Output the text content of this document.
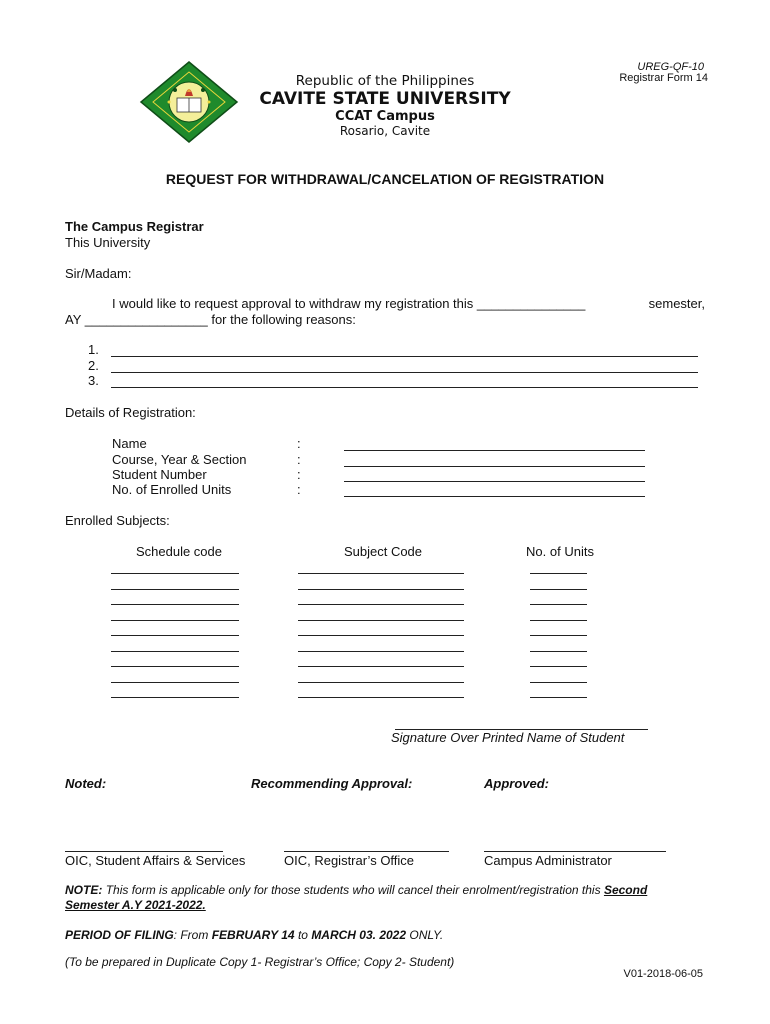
UREG-QF-10
Registrar Form 14
Republic of the Philippines
CAVITE STATE UNIVERSITY
CCAT Campus
Rosario, Cavite
REQUEST FOR WITHDRAWAL/CANCELATION OF REGISTRATION
The Campus Registrar
This University
Sir/Madam:
I would like to request approval to withdraw my registration this _______________	semester,
AY _________________ for the following reasons:
1.
2.
3.
Details of Registration:
Name	:
Course, Year & Section	:
Student Number	:
No. of Enrolled Units	:
Enrolled Subjects:
Schedule code	Subject Code	No. of Units
Signature Over Printed Name of Student
Noted:	Recommending Approval:	Approved:
OIC, Student Affairs & Services	OIC, Registrar’s Office	Campus Administrator
NOTE: This form is applicable only for those students who will cancel their enrolment/registration this Second
Semester A.Y 2021-2022.
PERIOD OF FILING: From FEBRUARY 14 to MARCH 03. 2022 ONLY.
(To be prepared in Duplicate Copy 1- Registrar’s Office; Copy 2- Student)
V01-2018-06-05
